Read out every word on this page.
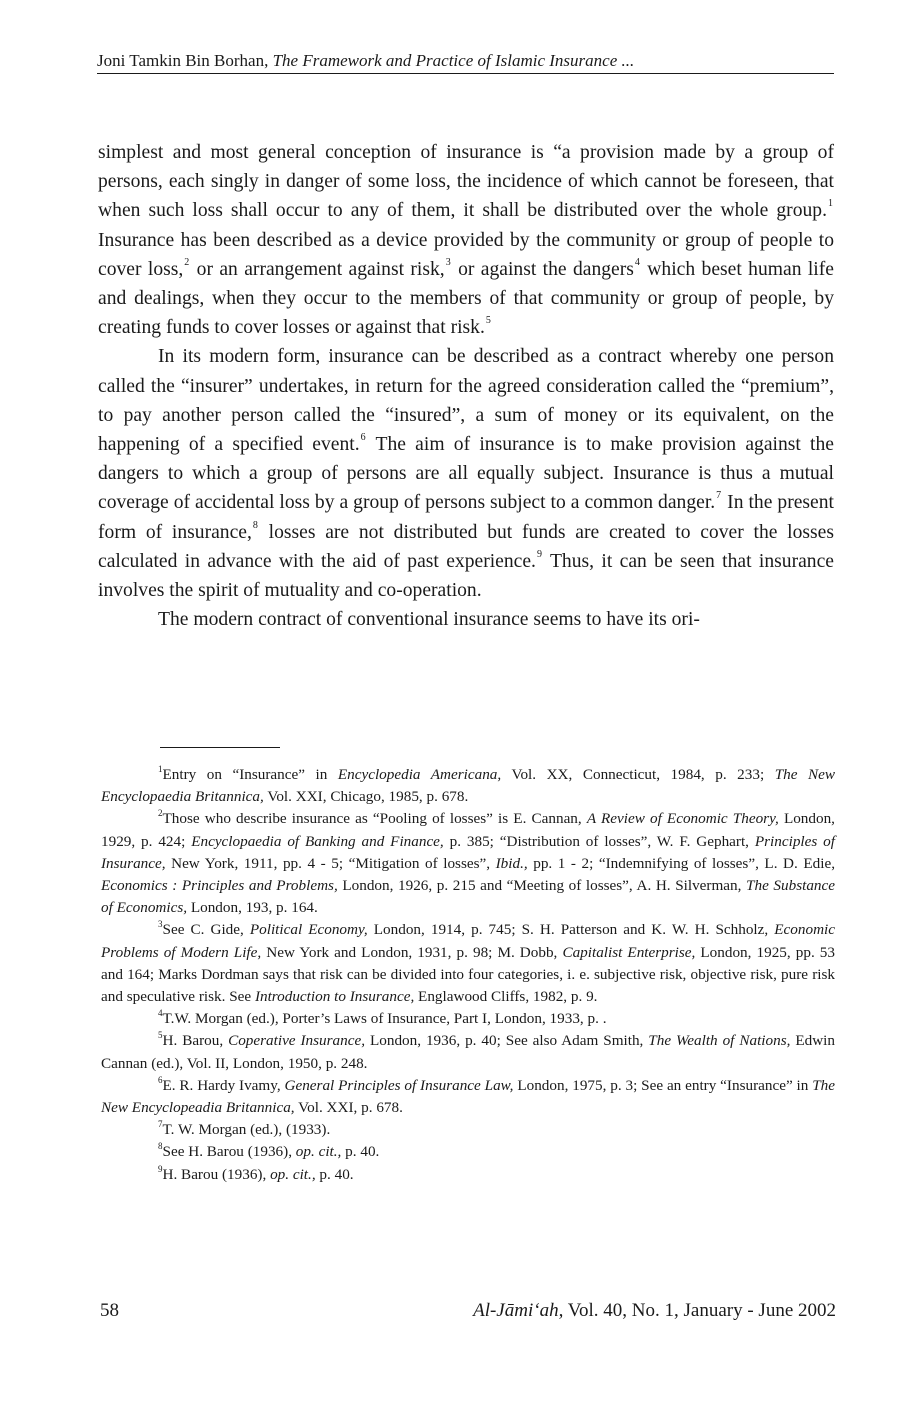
Joni Tamkin Bin Borhan, The Framework and Practice of Islamic Insurance ...

simplest and most general conception of insurance is “a provision made by a group of persons, each singly in danger of some loss, the incidence of which cannot be foreseen, that when such loss shall occur to any of them, it shall be distributed over the whole group.$^1$ Insurance has been described as a device provided by the community or group of people to cover loss,$^2$ or an arrangement against risk,$^3$ or against the dangers$^4$ which beset human life and dealings, when they occur to the members of that community or group of people, by creating funds to cover losses or against that risk.$^5$

In its modern form, insurance can be described as a contract whereby one person called the “insurer” undertakes, in return for the agreed consideration called the “premium”, to pay another person called the “insured”, a sum of money or its equivalent, on the happening of a specified event.$^6$ The aim of insurance is to make provision against the dangers to which a group of persons are all equally subject. Insurance is thus a mutual coverage of accidental loss by a group of persons subject to a common danger.$^7$ In the present form of insurance,$^8$ losses are not distributed but funds are created to cover the losses calculated in advance with the aid of past experience.$^9$ Thus, it can be seen that insurance involves the spirit of mutuality and co-operation.

The modern contract of conventional insurance seems to have its ori-

$^1$Entry on “Insurance” in Encyclopedia Americana, Vol. XX, Connecticut, 1984, p. 233; The New Encyclopaedia Britannica, Vol. XXI, Chicago, 1985, p. 678.

$^2$Those who describe insurance as “Pooling of losses” is E. Cannan, A Review of Economic Theory, London, 1929, p. 424; Encyclopaedia of Banking and Finance, p. 385; “Distribution of losses”, W. F. Gephart, Principles of Insurance, New York, 1911, pp. 4 - 5; “Mitigation of losses”, Ibid., pp. 1 - 2; “Indemnifying of losses”, L. D. Edie, Economics : Principles and Problems, London, 1926, p. 215 and “Meeting of losses”, A. H. Silverman, The Substance of Economics, London, 193, p. 164.

$^3$See C. Gide, Political Economy, London, 1914, p. 745; S. H. Patterson and K. W. H. Schholz, Economic Problems of Modern Life, New York and London, 1931, p. 98; M. Dobb, Capitalist Enterprise, London, 1925, pp. 53 and 164; Marks Dordman says that risk can be divided into four categories, i. e. subjective risk, objective risk, pure risk and speculative risk. See Introduction to Insurance, Englawood Cliffs, 1982, p. 9.

$^4$T.W. Morgan (ed.), Porter’s Laws of Insurance, Part I, London, 1933, p. .

$^5$H. Barou, Coperative Insurance, London, 1936, p. 40; See also Adam Smith, The Wealth of Nations, Edwin Cannan (ed.), Vol. II, London, 1950, p. 248.

$^6$E. R. Hardy Ivamy, General Principles of Insurance Law, London, 1975, p. 3; See an entry “Insurance” in The New Encyclopeadia Britannica, Vol. XXI, p. 678.

$^7$T. W. Morgan (ed.), (1933).

$^8$See H. Barou (1936), op. cit., p. 40.

$^9$H. Barou (1936), op. cit., p. 40.

58	Al-Jāmi‘ah, Vol. 40, No. 1, January - June 2002
